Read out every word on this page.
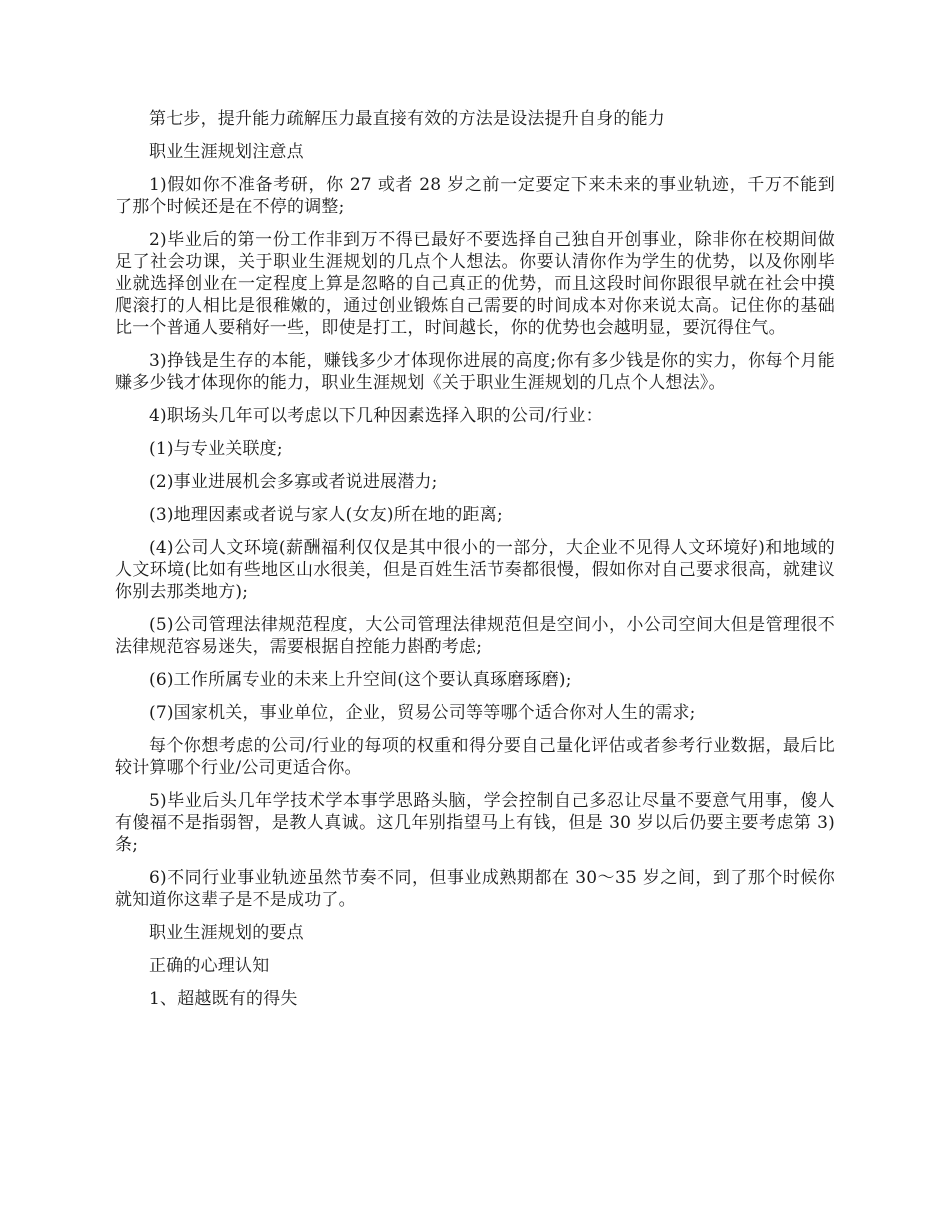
第七步，提升能力疏解压力最直接有效的方法是设法提升自身的能力

职业生涯规划注意点

1)假如你不准备考研，你 27 或者 28 岁之前一定要定下来未来的事业轨迹，千万不能到了那个时候还是在不停的调整;

2)毕业后的第一份工作非到万不得已最好不要选择自己独自开创事业，除非你在校期间做足了社会功课，关于职业生涯规划的几点个人想法。你要认清你作为学生的优势，以及你刚毕业就选择创业在一定程度上算是忽略的自己真正的优势，而且这段时间你跟很早就在社会中摸爬滚打的人相比是很稚嫩的，通过创业锻炼自己需要的时间成本对你来说太高。记住你的基础比一个普通人要稍好一些，即使是打工，时间越长，你的优势也会越明显，要沉得住气。

3)挣钱是生存的本能，赚钱多少才体现你进展的高度;你有多少钱是你的实力，你每个月能赚多少钱才体现你的能力，职业生涯规划《关于职业生涯规划的几点个人想法》。

4)职场头几年可以考虑以下几种因素选择入职的公司/行业：

(1)与专业关联度;

(2)事业进展机会多寡或者说进展潜力;

(3)地理因素或者说与家人(女友)所在地的距离;

(4)公司人文环境(薪酬福利仅仅是其中很小的一部分，大企业不见得人文环境好)和地域的人文环境(比如有些地区山水很美，但是百姓生活节奏都很慢，假如你对自己要求很高，就建议你别去那类地方);

(5)公司管理法律规范程度，大公司管理法律规范但是空间小，小公司空间大但是管理很不法律规范容易迷失，需要根据自控能力斟酌考虑;

(6)工作所属专业的未来上升空间(这个要认真琢磨琢磨);

(7)国家机关，事业单位，企业，贸易公司等等哪个适合你对人生的需求;

每个你想考虑的公司/行业的每项的权重和得分要自己量化评估或者参考行业数据，最后比较计算哪个行业/公司更适合你。

5)毕业后头几年学技术学本事学思路头脑，学会控制自己多忍让尽量不要意气用事，傻人有傻福不是指弱智，是教人真诚。这几年别指望马上有钱，但是 30 岁以后仍要主要考虑第 3)条;

6)不同行业事业轨迹虽然节奏不同，但事业成熟期都在 30～35 岁之间，到了那个时候你就知道你这辈子是不是成功了。

职业生涯规划的要点

正确的心理认知

1、超越既有的得失
